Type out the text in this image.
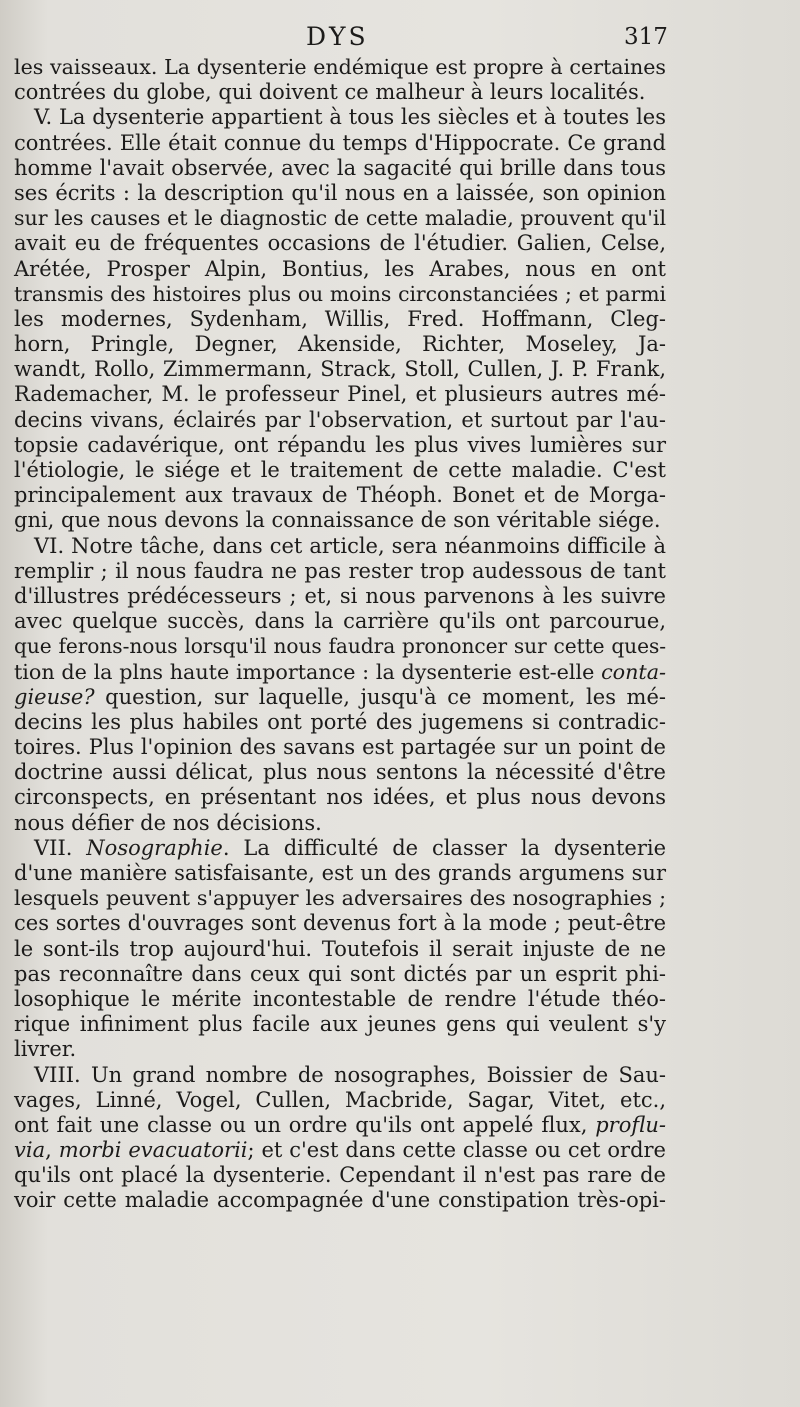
DYS	317
les vaisseaux. La dysenterie endémique est propre à certaines
contrées du globe, qui doivent ce malheur à leurs localités.
V. La dysenterie appartient à tous les siècles et à toutes les
contrées. Elle était connue du temps d'Hippocrate. Ce grand
homme l'avait observée, avec la sagacité qui brille dans tous
ses écrits : la description qu'il nous en a laissée, son opinion
sur les causes et le diagnostic de cette maladie, prouvent qu'il
avait eu de fréquentes occasions de l'étudier. Galien, Celse,
Arétée, Prosper Alpin, Bontius, les Arabes, nous en ont
transmis des histoires plus ou moins circonstanciées ; et parmi
les modernes, Sydenham, Willis, Fred. Hoffmann, Cleg-
horn, Pringle, Degner, Akenside, Richter, Moseley, Ja-
wandt, Rollo, Zimmermann, Strack, Stoll, Cullen, J. P. Frank,
Rademacher, M. le professeur Pinel, et plusieurs autres mé-
decins vivans, éclairés par l'observation, et surtout par l'au-
topsie cadavérique, ont répandu les plus vives lumières sur
l'étiologie, le siége et le traitement de cette maladie. C'est
principalement aux travaux de Théoph. Bonet et de Morga-
gni, que nous devons la connaissance de son véritable siége.
VI. Notre tâche, dans cet article, sera néanmoins difficile à
remplir ; il nous faudra ne pas rester trop audessous de tant
d'illustres prédécesseurs ; et, si nous parvenons à les suivre
avec quelque succès, dans la carrière qu'ils ont parcourue,
que ferons-nous lorsqu'il nous faudra prononcer sur cette ques-
tion de la plns haute importance : la dysenterie est-elle conta-
gieuse? question, sur laquelle, jusqu'à ce moment, les mé-
decins les plus habiles ont porté des jugemens si contradic-
toires. Plus l'opinion des savans est partagée sur un point de
doctrine aussi délicat, plus nous sentons la nécessité d'être
circonspects, en présentant nos idées, et plus nous devons
nous défier de nos décisions.
VII. Nosographie. La difficulté de classer la dysenterie
d'une manière satisfaisante, est un des grands argumens sur
lesquels peuvent s'appuyer les adversaires des nosographies ;
ces sortes d'ouvrages sont devenus fort à la mode ; peut-être
le sont-ils trop aujourd'hui. Toutefois il serait injuste de ne
pas reconnaître dans ceux qui sont dictés par un esprit phi-
losophique le mérite incontestable de rendre l'étude théo-
rique infiniment plus facile aux jeunes gens qui veulent s'y
livrer.
VIII. Un grand nombre de nosographes, Boissier de Sau-
vages, Linné, Vogel, Cullen, Macbride, Sagar, Vitet, etc.,
ont fait une classe ou un ordre qu'ils ont appelé flux, proflu-
via, morbi evacuatorii; et c'est dans cette classe ou cet ordre
qu'ils ont placé la dysenterie. Cependant il n'est pas rare de
voir cette maladie accompagnée d'une constipation très-opi-
